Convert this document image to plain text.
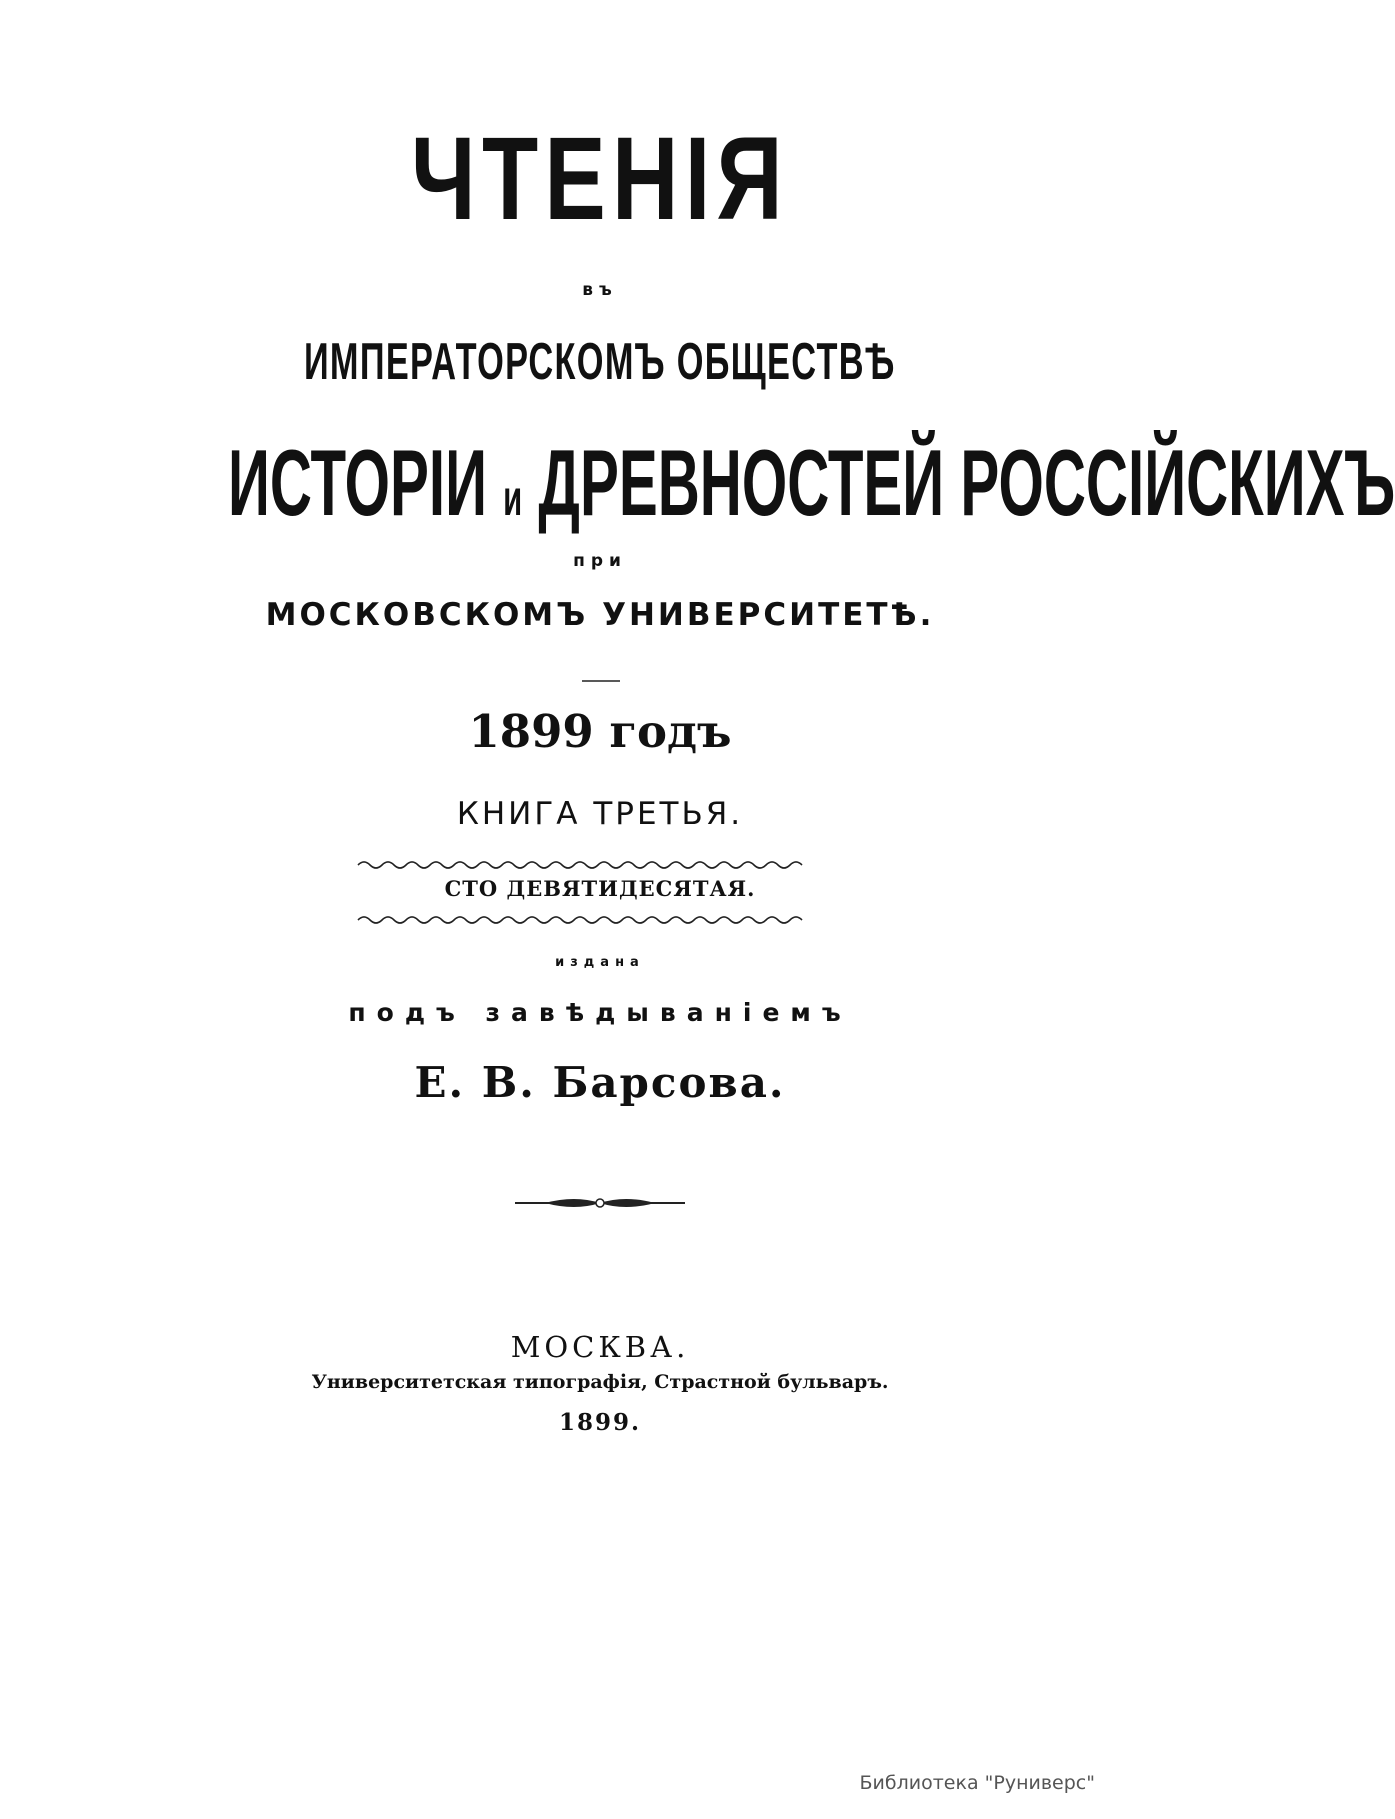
ЧТЕНІЯ
въ
ИМПЕРАТОРСКОМЪ ОБЩЕСТВѢ
ИСТОРІИ и ДРЕВНОСТЕЙ РОССІЙСКИХЪ
при
МОСКОВСКОМЪ УНИВЕРСИТЕТѢ.
1899 годъ
КНИГА ТРЕТЬЯ.
СТО ДЕВЯТИДЕСЯТАЯ.
издана
подъ завѣдываніемъ
Е. В. Барсова.
МОСКВА.
Университетская типографія, Страстной бульваръ.
1899.
Библиотека "Руниверс"
